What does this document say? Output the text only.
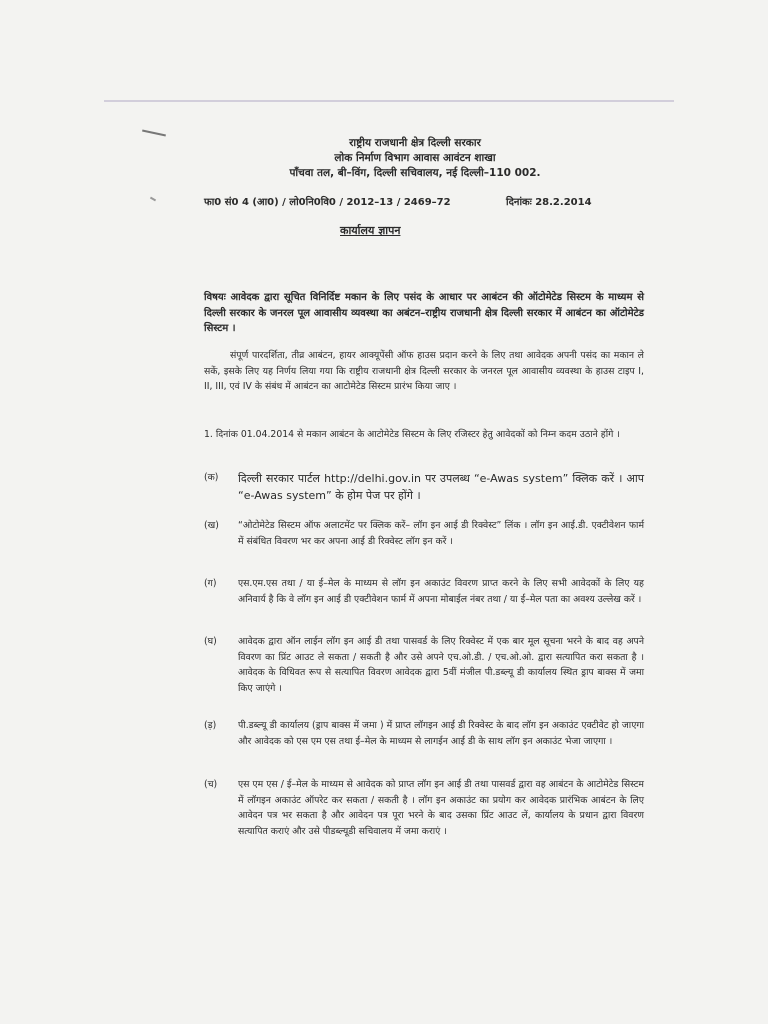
राष्ट्रीय राजधानी क्षेत्र दिल्ली सरकार
लोक निर्माण विभाग आवास आवंटन शाखा
पाँचवा तल, बी–विंग, दिल्ली सचिवालय, नई दिल्ली–110 002.
फा0 सं0 4 (आ0) / लो0नि0वि0 / 2012–13 / 2469–72	दिनांकः 28.2.2014
कार्यालय ज्ञापन
विषयः आवेदक द्वारा सूचित विनिर्दिष्ट मकान के लिए पसंद के आधार पर आबंटन की ऑटोमेटेड सिस्टम के माध्यम से दिल्ली सरकार के जनरल पूल आवासीय व्यवस्था का अबंटन–राष्ट्रीय राजधानी क्षेत्र दिल्ली सरकार में आबंटन का ऑटोमेटेड सिस्टम ।
संपूर्ण पारदर्शिता, तीव्र आबंटन, हायर आक्यूपेंसी ऑफ हाउस प्रदान करने के लिए तथा आवेदक अपनी पसंद का मकान ले सकें, इसके लिए यह निर्णय लिया गया कि राष्ट्रीय राजधानी क्षेत्र दिल्ली सरकार के जनरल पूल आवासीय व्यवस्था के हाउस टाइप I, II, III, एवं IV के संबंध में आबंटन का आटोमेटेड सिस्टम प्रारंभ किया जाए ।
1. दिनांक 01.04.2014 से मकान आबंटन के आटोमेटेड सिस्टम के लिए रजिस्टर हेतु आवेदकों को निम्न कदम उठाने होंगे ।
(क)	दिल्ली सरकार पार्टल http://delhi.gov.in पर उपलब्ध “e-Awas system” क्लिक करें । आप “e-Awas system” के होम पेज पर होंगे ।
(ख)	“ओटोमेटेड सिस्टम ऑफ अलाटमेंट पर क्लिक करें– लॉग इन आई डी रिक्वेस्ट” लिंक । लॉग इन आई.डी. एक्टीवेशन फार्म में संबंधित विवरण भर कर अपना आई डी रिक्वेस्ट लॉग इन करें ।
(ग)	एस.एम.एस तथा / या ई–मेल के माध्यम से लॉग इन अकाउंट विवरण प्राप्त करने के लिए सभी आवेदकों के लिए यह अनिवार्य है कि वे लॉग इन आई डी एक्टीवेशन फार्म में अपना मोबाईल नंबर तथा / या ई–मेल पता का अवश्य उल्लेख करें ।
(घ)	आवेदक द्वारा ऑन लाईन लॉग इन आई डी तथा पासवर्ड के लिए रिक्वेस्ट में एक बार मूल सूचना भरने के बाद वह अपने विवरण का प्रिंट आउट ले सकता / सकती है और उसे अपने एच.ओ.डी. / एच.ओ.ओ. द्वारा सत्यापित करा सकता है । आवेदक के विधिवत रूप से सत्यापित विवरण आवेदक द्वारा 5वीं मंजील पी.डब्ल्यू डी कार्यालय स्थित ड्राप बाक्स में जमा किए जाएंगे ।
(ड़)	पी.डब्ल्यू डी कार्यालय (ड्राप बाक्स में जमा ) में प्राप्त लॉगइन आई डी रिक्वेस्ट के बाद लॉग इन अकाउंट एक्टीवेट हो जाएगा और आवेदक को एस एम एस तथा ई–मेल के माध्यम से लागईन आई डी के साथ लॉग इन अकाउंट भेजा जाएगा ।
(च)	एस एम एस / ई–मेल के माध्यम से आवेदक को प्राप्त लॉग इन आई डी तथा पासवर्ड द्वारा वह आबंटन के आटोमेटेड सिस्टम में लॉगइन अकाउंट ऑपरेट कर सकता / सकती है । लॉग इन अकाउंट का प्रयोग कर आवेदक प्रारंभिक आबंटन के लिए आवेदन पत्र भर सकता है और आवेदन पत्र पूरा भरने के बाद उसका प्रिंट आउट लें, कार्यालय के प्रधान द्वारा विवरण सत्यापित कराएं और उसे पीडब्ल्यूडी सचिवालय में जमा कराएं ।
